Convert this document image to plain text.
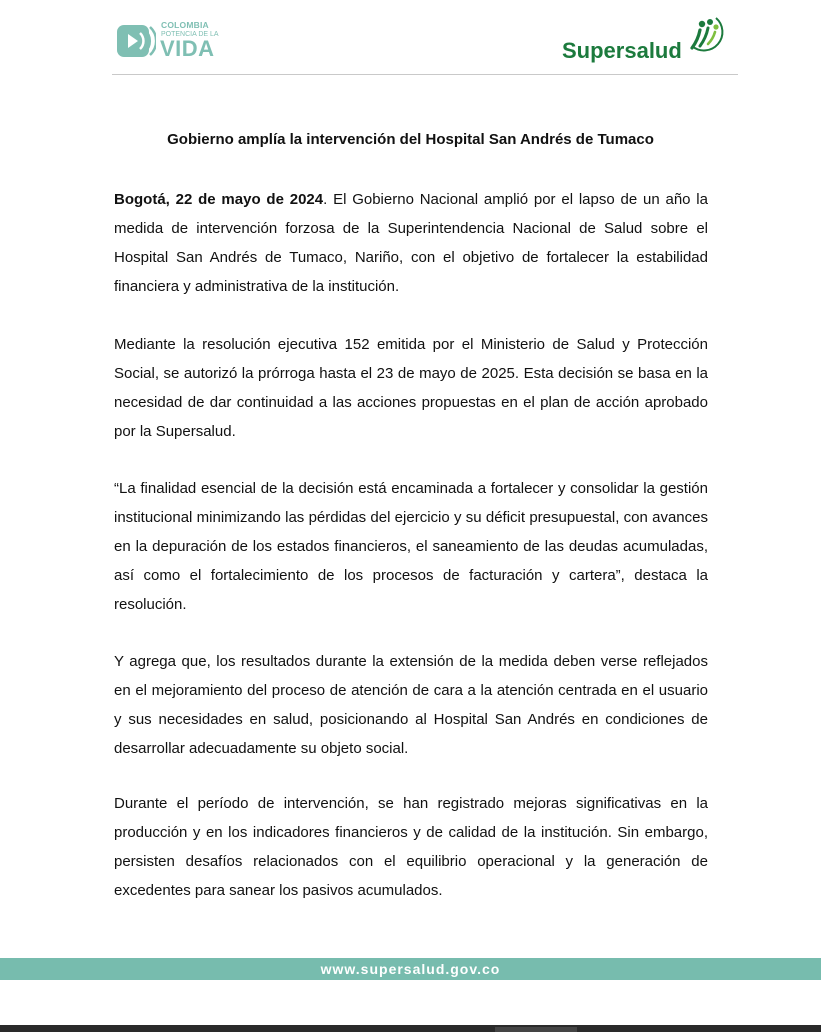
COLOMBIA
POTENCIA DE LA
VIDA	Supersalud
Gobierno amplía la intervención del Hospital San Andrés de Tumaco
Bogotá, 22 de mayo de 2024. El Gobierno Nacional amplió por el lapso de un año la medida de intervención forzosa de la Superintendencia Nacional de Salud sobre el Hospital San Andrés de Tumaco, Nariño, con el objetivo de fortalecer la estabilidad financiera y administrativa de la institución.
Mediante la resolución ejecutiva 152 emitida por el Ministerio de Salud y Protección Social, se autorizó la prórroga hasta el 23 de mayo de 2025. Esta decisión se basa en la necesidad de dar continuidad a las acciones propuestas en el plan de acción aprobado por la Supersalud.
“La finalidad esencial de la decisión está encaminada a fortalecer y consolidar la gestión institucional minimizando las pérdidas del ejercicio y su déficit presupuestal, con avances en la depuración de los estados financieros, el saneamiento de las deudas acumuladas, así como el fortalecimiento de los procesos de facturación y cartera”, destaca la resolución.
Y agrega que, los resultados durante la extensión de la medida deben verse reflejados en el mejoramiento del proceso de atención de cara a la atención centrada en el usuario y sus necesidades en salud, posicionando al Hospital San Andrés en condiciones de desarrollar adecuadamente su objeto social.
Durante el período de intervención, se han registrado mejoras significativas en la producción y en los indicadores financieros y de calidad de la institución. Sin embargo, persisten desafíos relacionados con el equilibrio operacional y la generación de excedentes para sanear los pasivos acumulados.
www.supersalud.gov.co
